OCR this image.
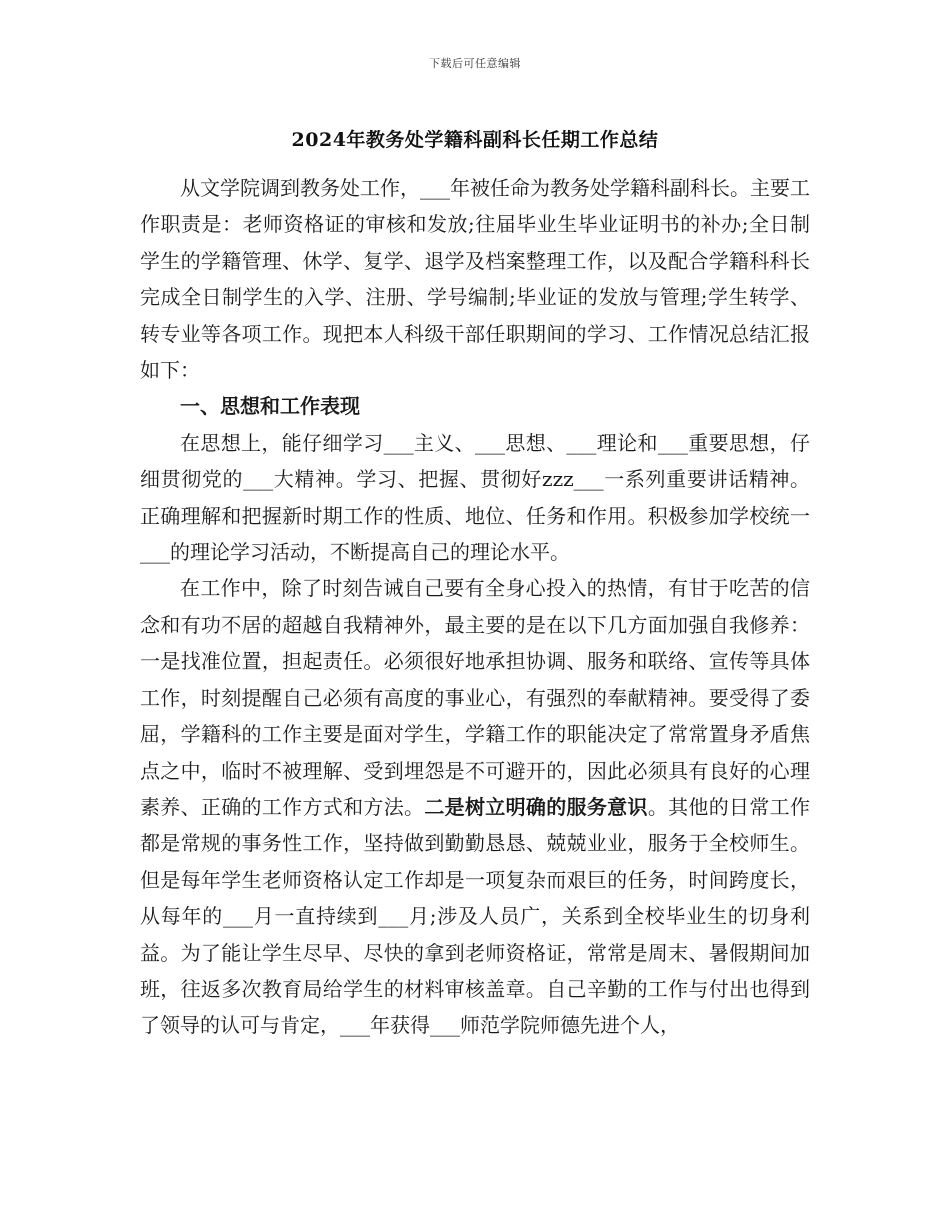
下载后可任意编辑
2024年教务处学籍科副科长任期工作总结

从文学院调到教务处工作，___年被任命为教务处学籍科副科长。主要工作职责是：老师资格证的审核和发放;往届毕业生毕业证明书的补办;全日制学生的学籍管理、休学、复学、退学及档案整理工作，以及配合学籍科科长完成全日制学生的入学、注册、学号编制;毕业证的发放与管理;学生转学、转专业等各项工作。现把本人科级干部任职期间的学习、工作情况总结汇报如下：

一、思想和工作表现

在思想上，能仔细学习___主义、___思想、___理论和___重要思想，仔细贯彻党的___大精神。学习、把握、贯彻好zzz___一系列重要讲话精神。正确理解和把握新时期工作的性质、地位、任务和作用。积极参加学校统一___的理论学习活动，不断提高自己的理论水平。

在工作中，除了时刻告诫自己要有全身心投入的热情，有甘于吃苦的信念和有功不居的超越自我精神外，最主要的是在以下几方面加强自我修养：一是找准位置，担起责任。必须很好地承担协调、服务和联络、宣传等具体工作，时刻提醒自己必须有高度的事业心，有强烈的奉献精神。要受得了委屈，学籍科的工作主要是面对学生，学籍工作的职能决定了常常置身矛盾焦点之中，临时不被理解、受到埋怨是不可避开的，因此必须具有良好的心理素养、正确的工作方式和方法。二是树立明确的服务意识。其他的日常工作都是常规的事务性工作，坚持做到勤勤恳恳、兢兢业业，服务于全校师生。但是每年学生老师资格认定工作却是一项复杂而艰巨的任务，时间跨度长，从每年的___月一直持续到___月;涉及人员广，关系到全校毕业生的切身利益。为了能让学生尽早、尽快的拿到老师资格证，常常是周末、暑假期间加班，往返多次教育局给学生的材料审核盖章。自己辛勤的工作与付出也得到了领导的认可与肯定，___年获得___师范学院师德先进个人，
